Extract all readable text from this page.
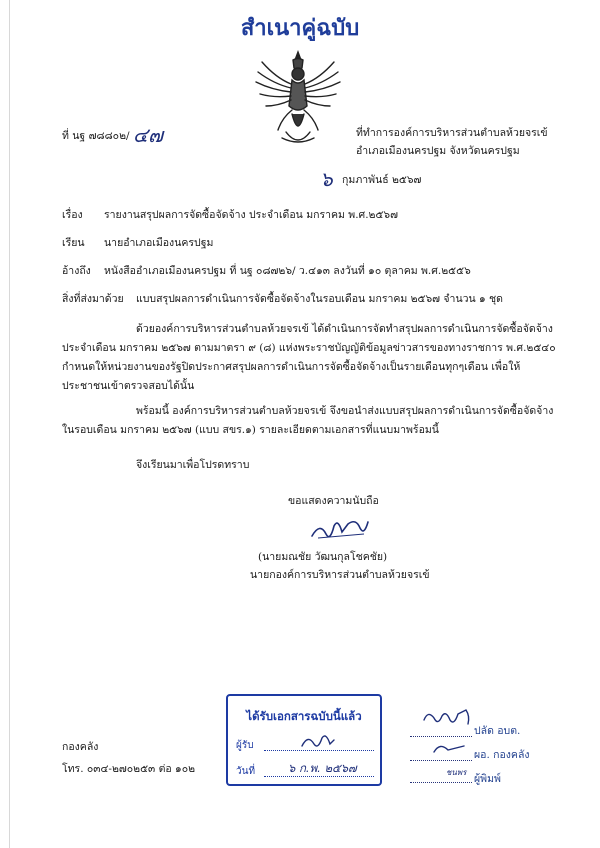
สำเนาคู่ฉบับ
ที่ นฐ ๗๘๘๐๒/ ๔๗	ที่ทำการองค์การบริหารส่วนตำบลห้วยจรเข้
อำเภอเมืองนครปฐม จังหวัดนครปฐม
๖ กุมภาพันธ์ ๒๕๖๗
เรื่อง รายงานสรุปผลการจัดซื้อจัดจ้าง ประจำเดือน มกราคม พ.ศ.๒๕๖๗
เรียน นายอำเภอเมืองนครปฐม
อ้างถึง หนังสืออำเภอเมืองนครปฐม ที่ นฐ ๐๘๗๒๖/ ว.๔๑๓ ลงวันที่ ๑๐ ตุลาคม พ.ศ.๒๕๕๖
สิ่งที่ส่งมาด้วย แบบสรุปผลการดำเนินการจัดซื้อจัดจ้างในรอบเดือน มกราคม ๒๕๖๗ จำนวน ๑ ชุด
ด้วยองค์การบริหารส่วนตำบลห้วยจรเข้ ได้ดำเนินการจัดทำสรุปผลการดำเนินการจัดซื้อจัดจ้าง
ประจำเดือน มกราคม ๒๕๖๗ ตามมาตรา ๙ (๘) แห่งพระราชบัญญัติข้อมูลข่าวสารของทางราชการ พ.ศ.๒๕๔๐
กำหนดให้หน่วยงานของรัฐปิดประกาศสรุปผลการดำเนินการจัดซื้อจัดจ้างเป็นรายเดือนทุกๆเดือน เพื่อให้
ประชาชนเข้าตรวจสอบได้นั้น
พร้อมนี้ องค์การบริหารส่วนตำบลห้วยจรเข้ จึงขอนำส่งแบบสรุปผลการดำเนินการจัดซื้อจัดจ้าง
ในรอบเดือน มกราคม ๒๕๖๗ (แบบ สขร.๑) รายละเอียดตามเอกสารที่แนบมาพร้อมนี้
จึงเรียนมาเพื่อโปรดทราบ
ขอแสดงความนับถือ
(นายมณชัย วัฒนกุลโชคชัย)
นายกองค์การบริหารส่วนตำบลห้วยจรเข้
ได้รับเอกสารฉบับนี้แล้ว
ผู้รับ
วันที่	๖ ก.พ. ๒๕๖๗
ปลัด อบต.
ผอ. กองคลัง
ชนพร
ผู้พิมพ์
กองคลัง
โทร. ๐๓๔-๒๗๐๒๕๓ ต่อ ๑๐๒
